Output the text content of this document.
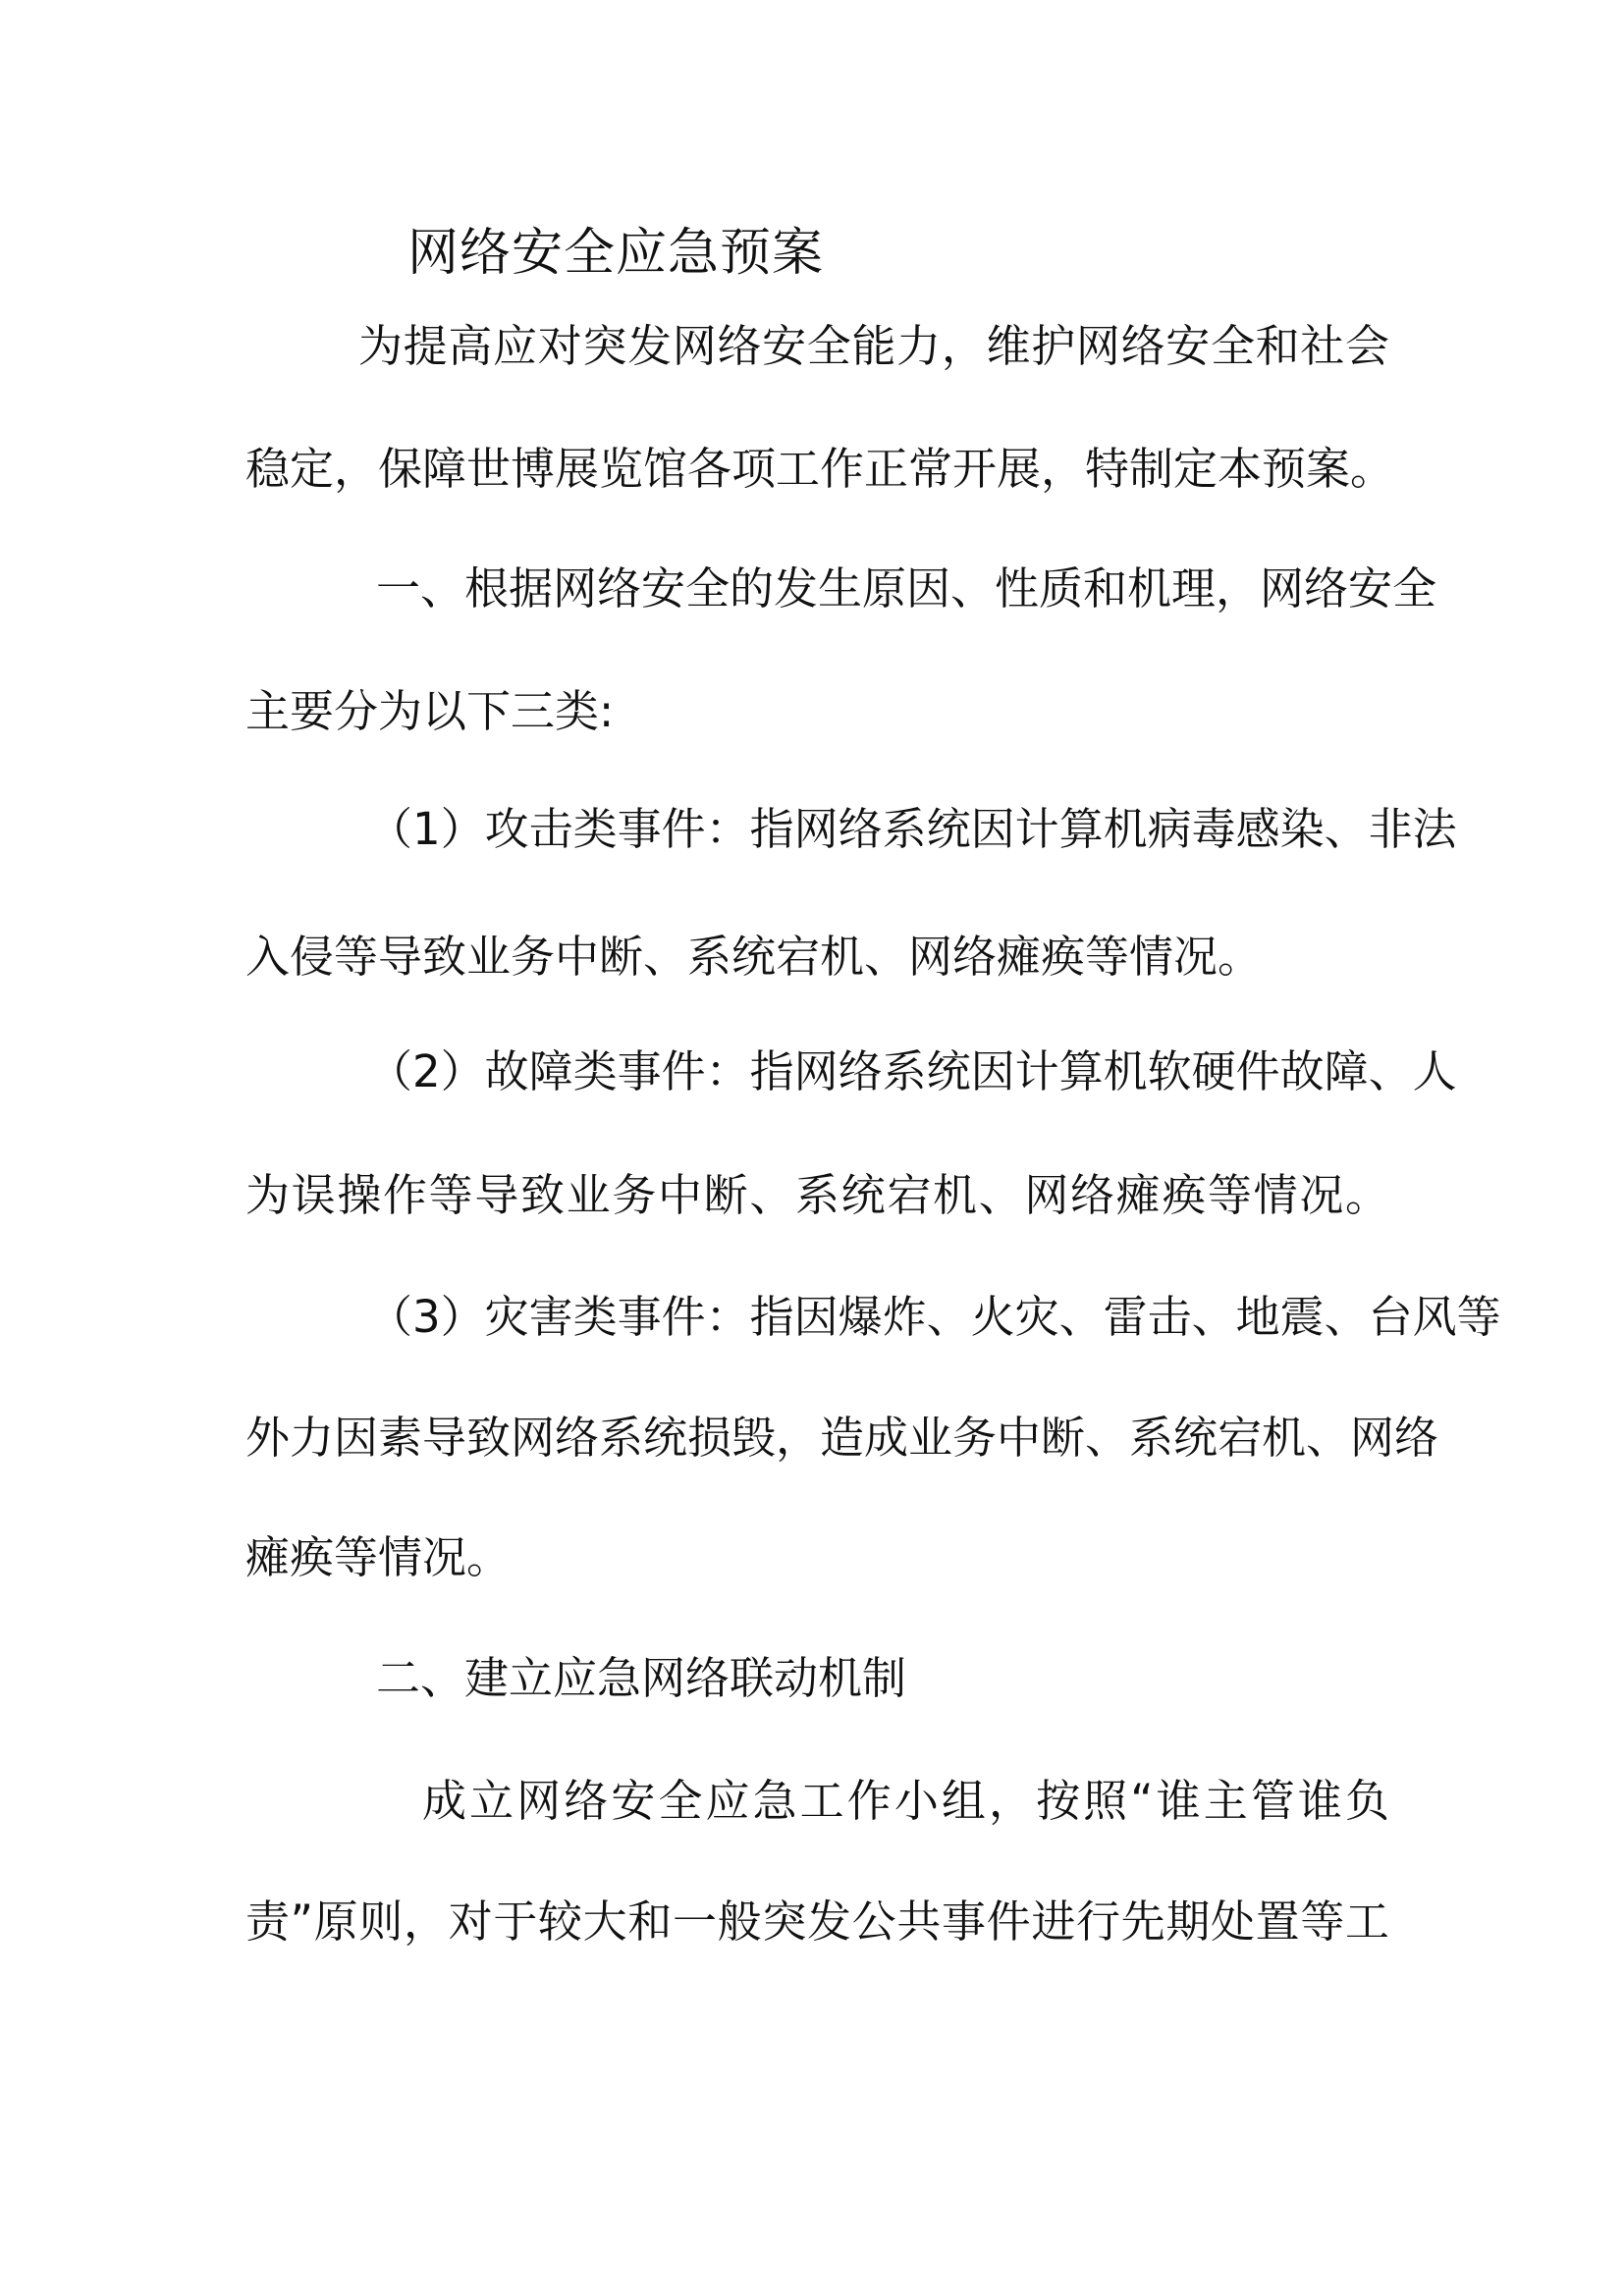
网络安全应急预案
为提高应对突发网络安全能力，维护网络安全和社会
稳定，保障世博展览馆各项工作正常开展，特制定本预案。
一、根据网络安全的发生原因、性质和机理，网络安全
主要分为以下三类:
（1）攻击类事件：指网络系统因计算机病毒感染、非法
入侵等导致业务中断、系统宕机、网络瘫痪等情况。
（2）故障类事件：指网络系统因计算机软硬件故障、人
为误操作等导致业务中断、系统宕机、网络瘫痪等情况。
（3）灾害类事件：指因爆炸、火灾、雷击、地震、台风等
外力因素导致网络系统损毁，造成业务中断、系统宕机、网络
瘫痪等情况。
二、建立应急网络联动机制
成立网络安全应急工作小组，按照“谁主管谁负
责”原则，对于较大和一般突发公共事件进行先期处置等工
